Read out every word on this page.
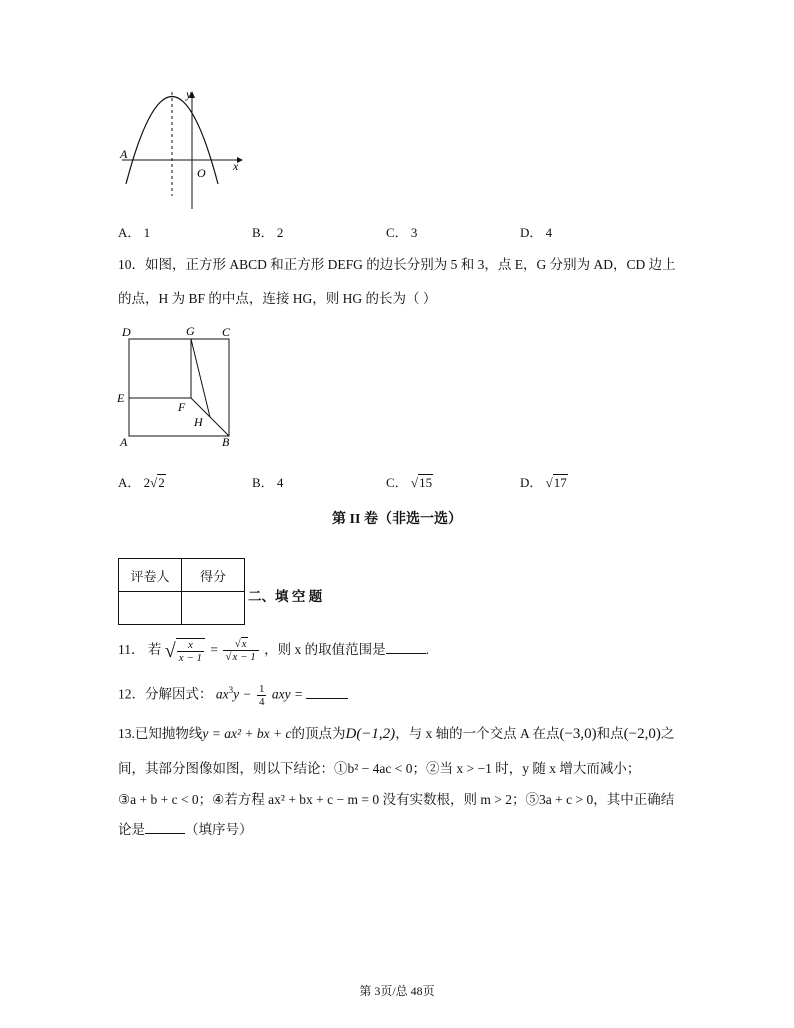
y
x
A
O
A． 1	B． 2	C． 3	D． 4
10．如图，正方形 ABCD 和正方形 DEFG 的边长分别为 5 和 3，点 E，G 分别为 AD，CD 边上
的点，H 为 BF 的中点，连接 HG，则 HG 的长为（ ）
D	G C
E
F
H
A	B
A． 2√2	B． 4	C． √15	D． √17
第 II 卷（非选一选）
评卷人	得分

二、填 空 题
11． 若 √ $\frac{x}{x - 1} = \frac{√x}{√x - 1}$ ，则 x 的取值范围是	.
12．分解因式： $ax^3y - \frac{1}{4}$ axy =
13.已知抛物线y = ax² + bx + c的顶点为D(−1,2)，与 x 轴的一个交点 A 在点(−3,0)和点(−2,0)之
间，其部分图像如图，则以下结论：①b² − 4ac < 0；②当 x > −1 时，y 随 x 增大而减小；
③a + b + c < 0；④若方程 ax² + bx + c − m = 0 没有实数根，则 m > 2；⑤3a + c > 0，其中正确结
论是	（填序号）
第 3页/总 48页
